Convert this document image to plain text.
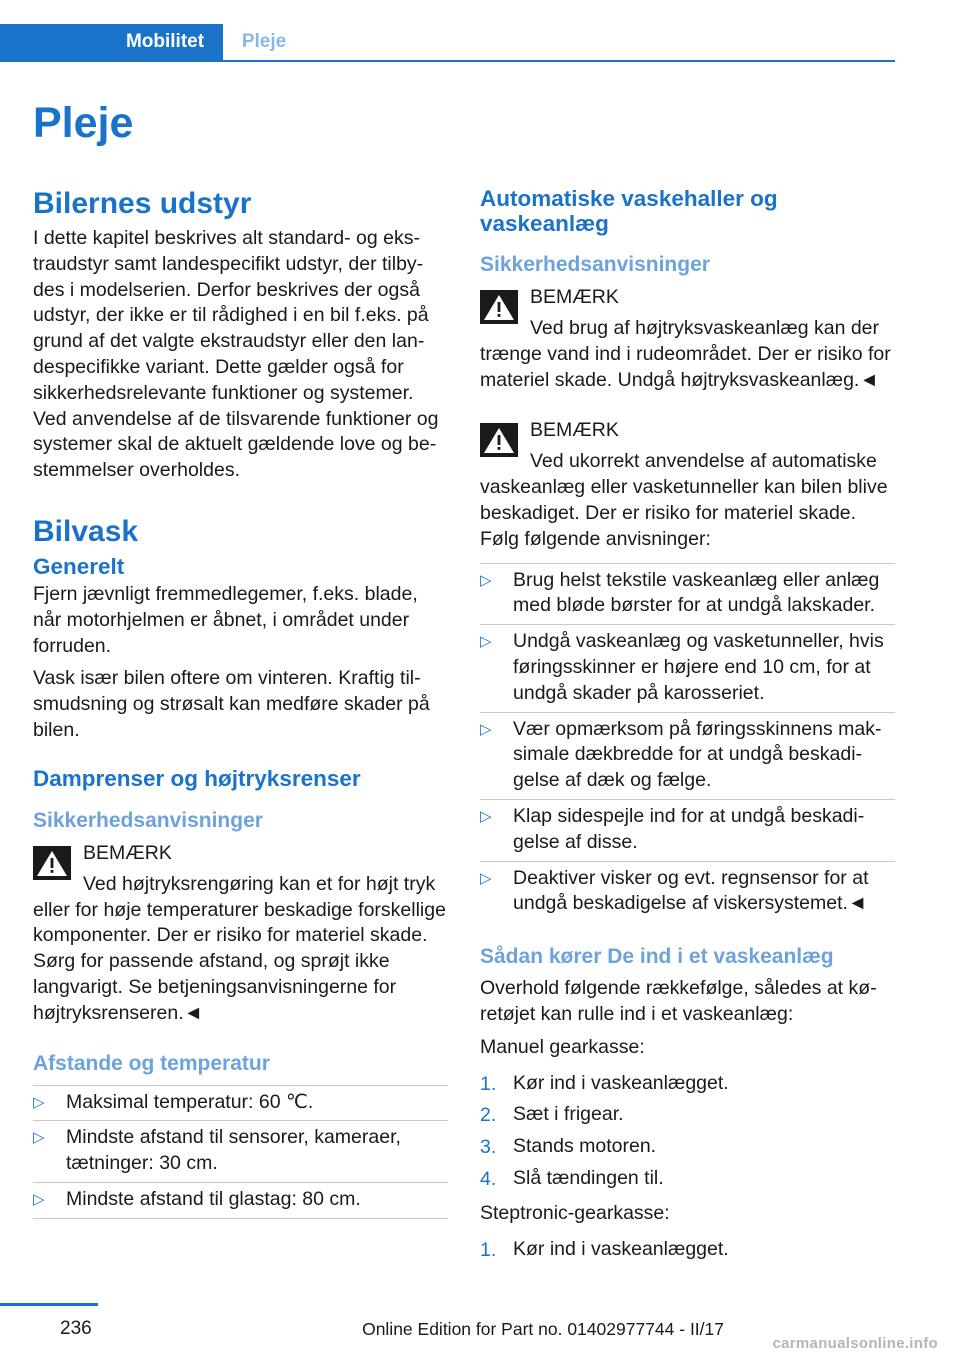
Mobilitet	Pleje
Pleje
Bilernes udstyr

I dette kapitel beskrives alt standard- og ekstraudstyr samt landespecifikt udstyr, der tilbydes i modelserien. Derfor beskrives der også udstyr, der ikke er til rådighed i en bil f.eks. på grund af det valgte ekstraudstyr eller den landespecifikke variant. Dette gælder også for sikkerhedsrelevante funktioner og systemer. Ved anvendelse af de tilsvarende funktioner og systemer skal de aktuelt gældende love og bestemmelser overholdes.

Bilvask
Generelt

Fjern jævnligt fremmedlegemer, f.eks. blade, når motorhjelmen er åbnet, i området under forruden.

Vask især bilen oftere om vinteren. Kraftig tilsmudsning og strøsalt kan medføre skader på bilen.

Damprenser og højtryksrenser
Sikkerhedsanvisninger
BEMÆRK

Ved højtryksrengøring kan et for højt tryk eller for høje temperaturer beskadige forskellige komponenter. Der er risiko for materiel skade. Sørg for passende afstand, og sprøjt ikke langvarigt. Se betjeningsanvisningerne for højtryksrenseren.◄

Afstande og temperatur
▷ Maksimal temperatur: 60 ℃.
▷ Mindste afstand til sensorer, kameraer, tætninger: 30 cm.
▷ Mindste afstand til glastag: 80 cm.
Automatiske vaskehaller og vaskeanlæg
Sikkerhedsanvisninger
BEMÆRK

Ved brug af højtryksvaskeanlæg kan der trænge vand ind i rudeområdet. Der er risiko for materiel skade. Undgå højtryksvaskeanlæg.◄

BEMÆRK

Ved ukorrekt anvendelse af automatiske vaskeanlæg eller vasketunneller kan bilen blive beskadiget. Der er risiko for materiel skade. Følg følgende anvisninger:

▷ Brug helst tekstile vaskeanlæg eller anlæg med bløde børster for at undgå lakskader.
▷ Undgå vaskeanlæg og vasketunneller, hvis føringsskinner er højere end 10 cm, for at undgå skader på karosseriet.
▷ Vær opmærksom på føringsskinnens maksimale dækbredde for at undgå beskadigelse af dæk og fælge.
▷ Klap sidespejle ind for at undgå beskadigelse af disse.
▷ Deaktiver visker og evt. regnsensor for at undgå beskadigelse af viskersystemet.◄
Sådan kører De ind i et vaskeanlæg

Overhold følgende rækkefølge, således at køretøjet kan rulle ind i et vaskeanlæg:

Manuel gearkasse:

1. Kør ind i vaskeanlægget.
2. Sæt i frigear.
3. Stands motoren.
4. Slå tændingen til.

Steptronic-gearkasse:

1. Kør ind i vaskeanlægget.
236	Online Edition for Part no. 01402977744 - II/17
carmanualsonline.info
